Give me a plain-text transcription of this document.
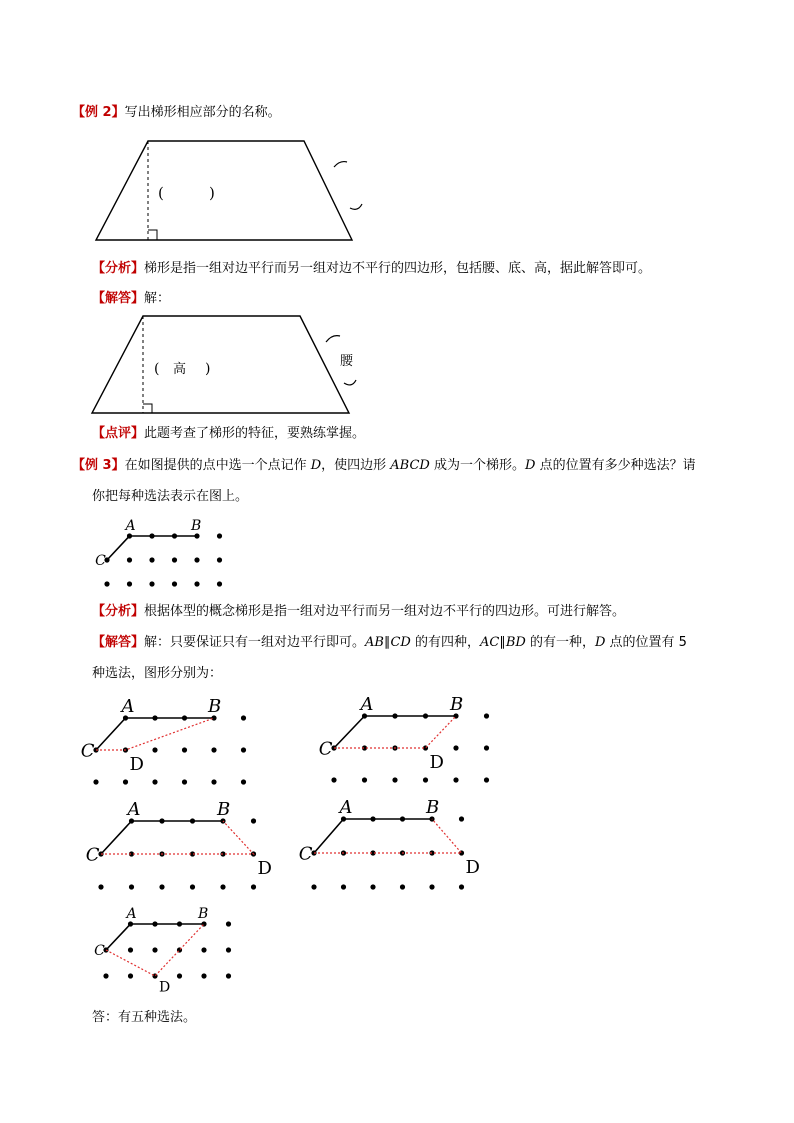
【例 2】写出梯形相应部分的名称。
(	)
【分析】梯形是指一组对边平行而另一组对边不平行的四边形，包括腰、底、高，据此解答即可。
【解答】解：
( 高 )	腰
【点评】此题考查了梯形的特征，要熟练掌握。
【例 3】在如图提供的点中选一个点记作 D，使四边形 ABCD 成为一个梯形。D 点的位置有多少种选法？请
你把每种选法表示在图上。
A	B
C
D
A	B
C
D
A	B
C
D
A	B
C
D
A	B
C
D
A	B
C
【分析】根据体型的概念梯形是指一组对边平行而另一组对边不平行的四边形。可进行解答。
【解答】解：只要保证只有一组对边平行即可。AB∥CD 的有四种，AC∥BD 的有一种，D 点的位置有 5
种选法，图形分别为：
答：有五种选法。
